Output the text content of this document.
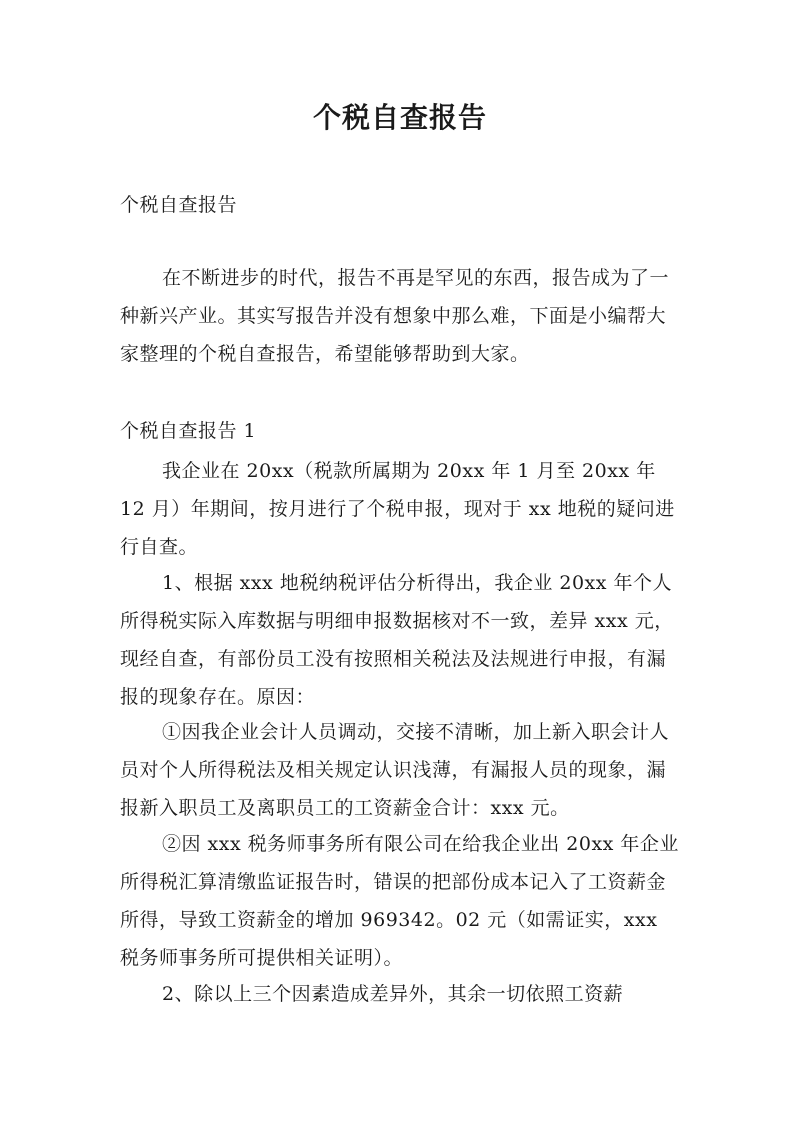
个税自查报告

个税自查报告

在不断进步的时代，报告不再是罕见的东西，报告成为了一种新兴产业。其实写报告并没有想象中那么难，下面是小编帮大家整理的个税自查报告，希望能够帮助到大家。

个税自查报告 1

我企业在 20xx（税款所属期为 20xx 年 1 月至 20xx 年 12 月）年期间，按月进行了个税申报，现对于 xx 地税的疑问进行自查。

1、根据 xxx 地税纳税评估分析得出，我企业 20xx 年个人所得税实际入库数据与明细申报数据核对不一致，差异 xxx 元，现经自查，有部份员工没有按照相关税法及法规进行申报，有漏报的现象存在。原因：

①因我企业会计人员调动，交接不清晰，加上新入职会计人员对个人所得税法及相关规定认识浅薄，有漏报人员的现象，漏报新入职员工及离职员工的工资薪金合计：xxx 元。

②因 xxx 税务师事务所有限公司在给我企业出 20xx 年企业所得税汇算清缴监证报告时，错误的把部份成本记入了工资薪金所得，导致工资薪金的增加 969342。02 元（如需证实，xxx 税务师事务所可提供相关证明）。

2、除以上三个因素造成差异外，其余一切依照工资薪
